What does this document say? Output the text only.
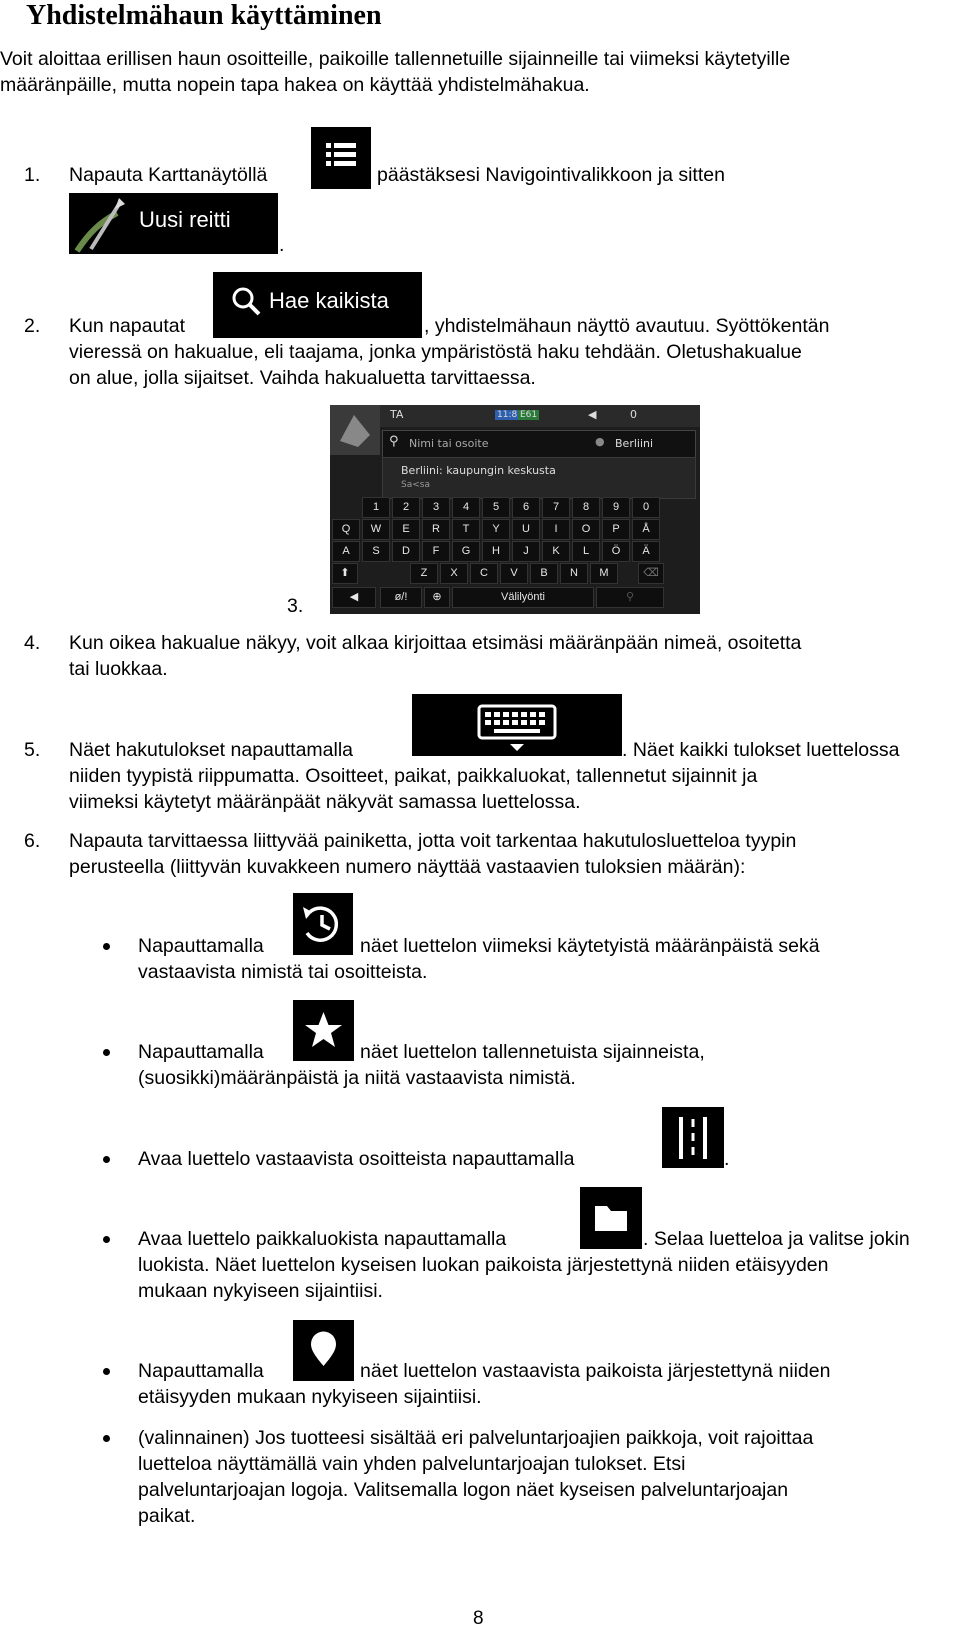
Yhdistelmähaun käyttäminen
Voit aloittaa erillisen haun osoitteille, paikoille tallennetuille sijainneille tai viimeksi käytetyille
määränpäille, mutta nopein tapa hakea on käyttää yhdistelmähakua.
1. Napauta Karttanäytöllä	päästäksesi Navigointivalikkoon ja sitten
Uusi reitti
.
2. Kun napautat
Hae kaikista
, yhdistelmähaun näyttö avautuu. Syöttökentän
vieressä on hakualue, eli taajama, jonka ympäristöstä haku tehdään. Oletushakualue
on alue, jolla sijaitset. Vaihda hakualuetta tarvittaessa.
TA	11:8 E61	◀	0
⚲ Nimi tai osoite	● Berliini
Berliini: kaupungin keskusta
Sa<sa
1	2	3	4	5	6	7	8	9	0
Q	W	E	R	T	Y	U	I	O	P	Å
A	S	D	F	G	H	J	K	L	Ö	Ä
Z	X	C	V	B	N	M
⬆	⌫
◀	ø/!	⊕	Välilyönti	⚲
3.
4. Kun oikea hakualue näkyy, voit alkaa kirjoittaa etsimäsi määränpään nimeä, osoitetta
tai luokkaa.
5. Näet hakutulokset napauttamalla	. Näet kaikki tulokset luettelossa
niiden tyypistä riippumatta. Osoitteet, paikat, paikkaluokat, tallennetut sijainnit ja
viimeksi käytetyt määränpäät näkyvät samassa luettelossa.
6. Napauta tarvittaessa liittyvää painiketta, jotta voit tarkentaa hakutulosluetteloa tyypin
perusteella (liittyvän kuvakkeen numero näyttää vastaavien tuloksien määrän):
Napauttamalla	näet luettelon viimeksi käytetyistä määränpäistä sekä
vastaavista nimistä tai osoitteista.
Napauttamalla	näet luettelon tallennetuista sijainneista,
(suosikki)määränpäistä ja niitä vastaavista nimistä.
Avaa luettelo vastaavista osoitteista napauttamalla	.
Avaa luettelo paikkaluokista napauttamalla	. Selaa luetteloa ja valitse jokin
luokista. Näet luettelon kyseisen luokan paikoista järjestettynä niiden etäisyyden
mukaan nykyiseen sijaintiisi.
Napauttamalla	näet luettelon vastaavista paikoista järjestettynä niiden
etäisyyden mukaan nykyiseen sijaintiisi.
(valinnainen) Jos tuotteesi sisältää eri palveluntarjoajien paikkoja, voit rajoittaa
luetteloa näyttämällä vain yhden palveluntarjoajan tulokset. Etsi
palveluntarjoajan logoja. Valitsemalla logon näet kyseisen palveluntarjoajan
paikat.
8
